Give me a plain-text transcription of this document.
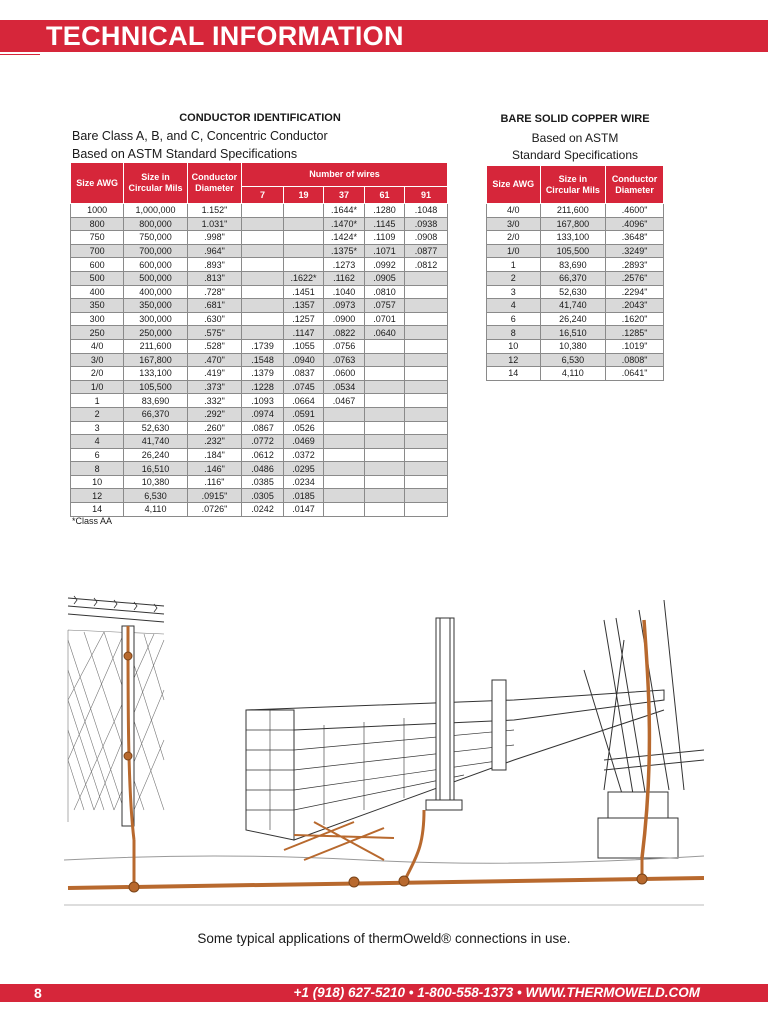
TECHNICAL INFORMATION
CONDUCTOR IDENTIFICATION
Bare Class A, B, and C, Concentric Conductor
Based on ASTM Standard Specifications
Size AWG	Size in Circular Mils	Conductor Diameter	Number of wires				
			7	19	37	61	91
1000	1,000,000	1.152"			.1644*	.1280	.1048
800	800,000	1.031"			.1470*	.1145	.0938
750	750,000	.998"			.1424*	.1109	.0908
700	700,000	.964"			.1375*	.1071	.0877
600	600,000	.893"			.1273	.0992	.0812
500	500,000	.813"		.1622*	.1162	.0905	
400	400,000	.728"		.1451	.1040	.0810	
350	350,000	.681"		.1357	.0973	.0757	
300	300,000	.630"		.1257	.0900	.0701	
250	250,000	.575"		.1147	.0822	.0640	
4/0	211,600	.528"	.1739	.1055	.0756		
3/0	167,800	.470"	.1548	.0940	.0763		
2/0	133,100	.419"	.1379	.0837	.0600		
1/0	105,500	.373"	.1228	.0745	.0534		
1	83,690	.332"	.1093	.0664	.0467		
2	66,370	.292"	.0974	.0591			
3	52,630	.260"	.0867	.0526			
4	41,740	.232"	.0772	.0469			
6	26,240	.184"	.0612	.0372			
8	16,510	.146"	.0486	.0295			
10	10,380	.116"	.0385	.0234			
12	6,530	.0915"	.0305	.0185			
14	4,110	.0726"	.0242	.0147			
*Class AA
BARE SOLID COPPER WIRE
Based on ASTM
Standard Specifications
Size AWG	Size in Circular Mils	Conductor Diameter
4/0	211,600	.4600"
3/0	167,800	.4096"
2/0	133,100	.3648"
1/0	105,500	.3249"
1	83,690	.2893"
2	66,370	.2576"
3	52,630	.2294"
4	41,740	.2043"
6	26,240	.1620"
8	16,510	.1285"
10	10,380	.1019"
12	6,530	.0808"
14	4,110	.0641"
Some typical applications of thermOweld® connections in use.
8	+1 (918) 627-5210 • 1-800-558-1373 • WWW.THERMOWELD.COM
